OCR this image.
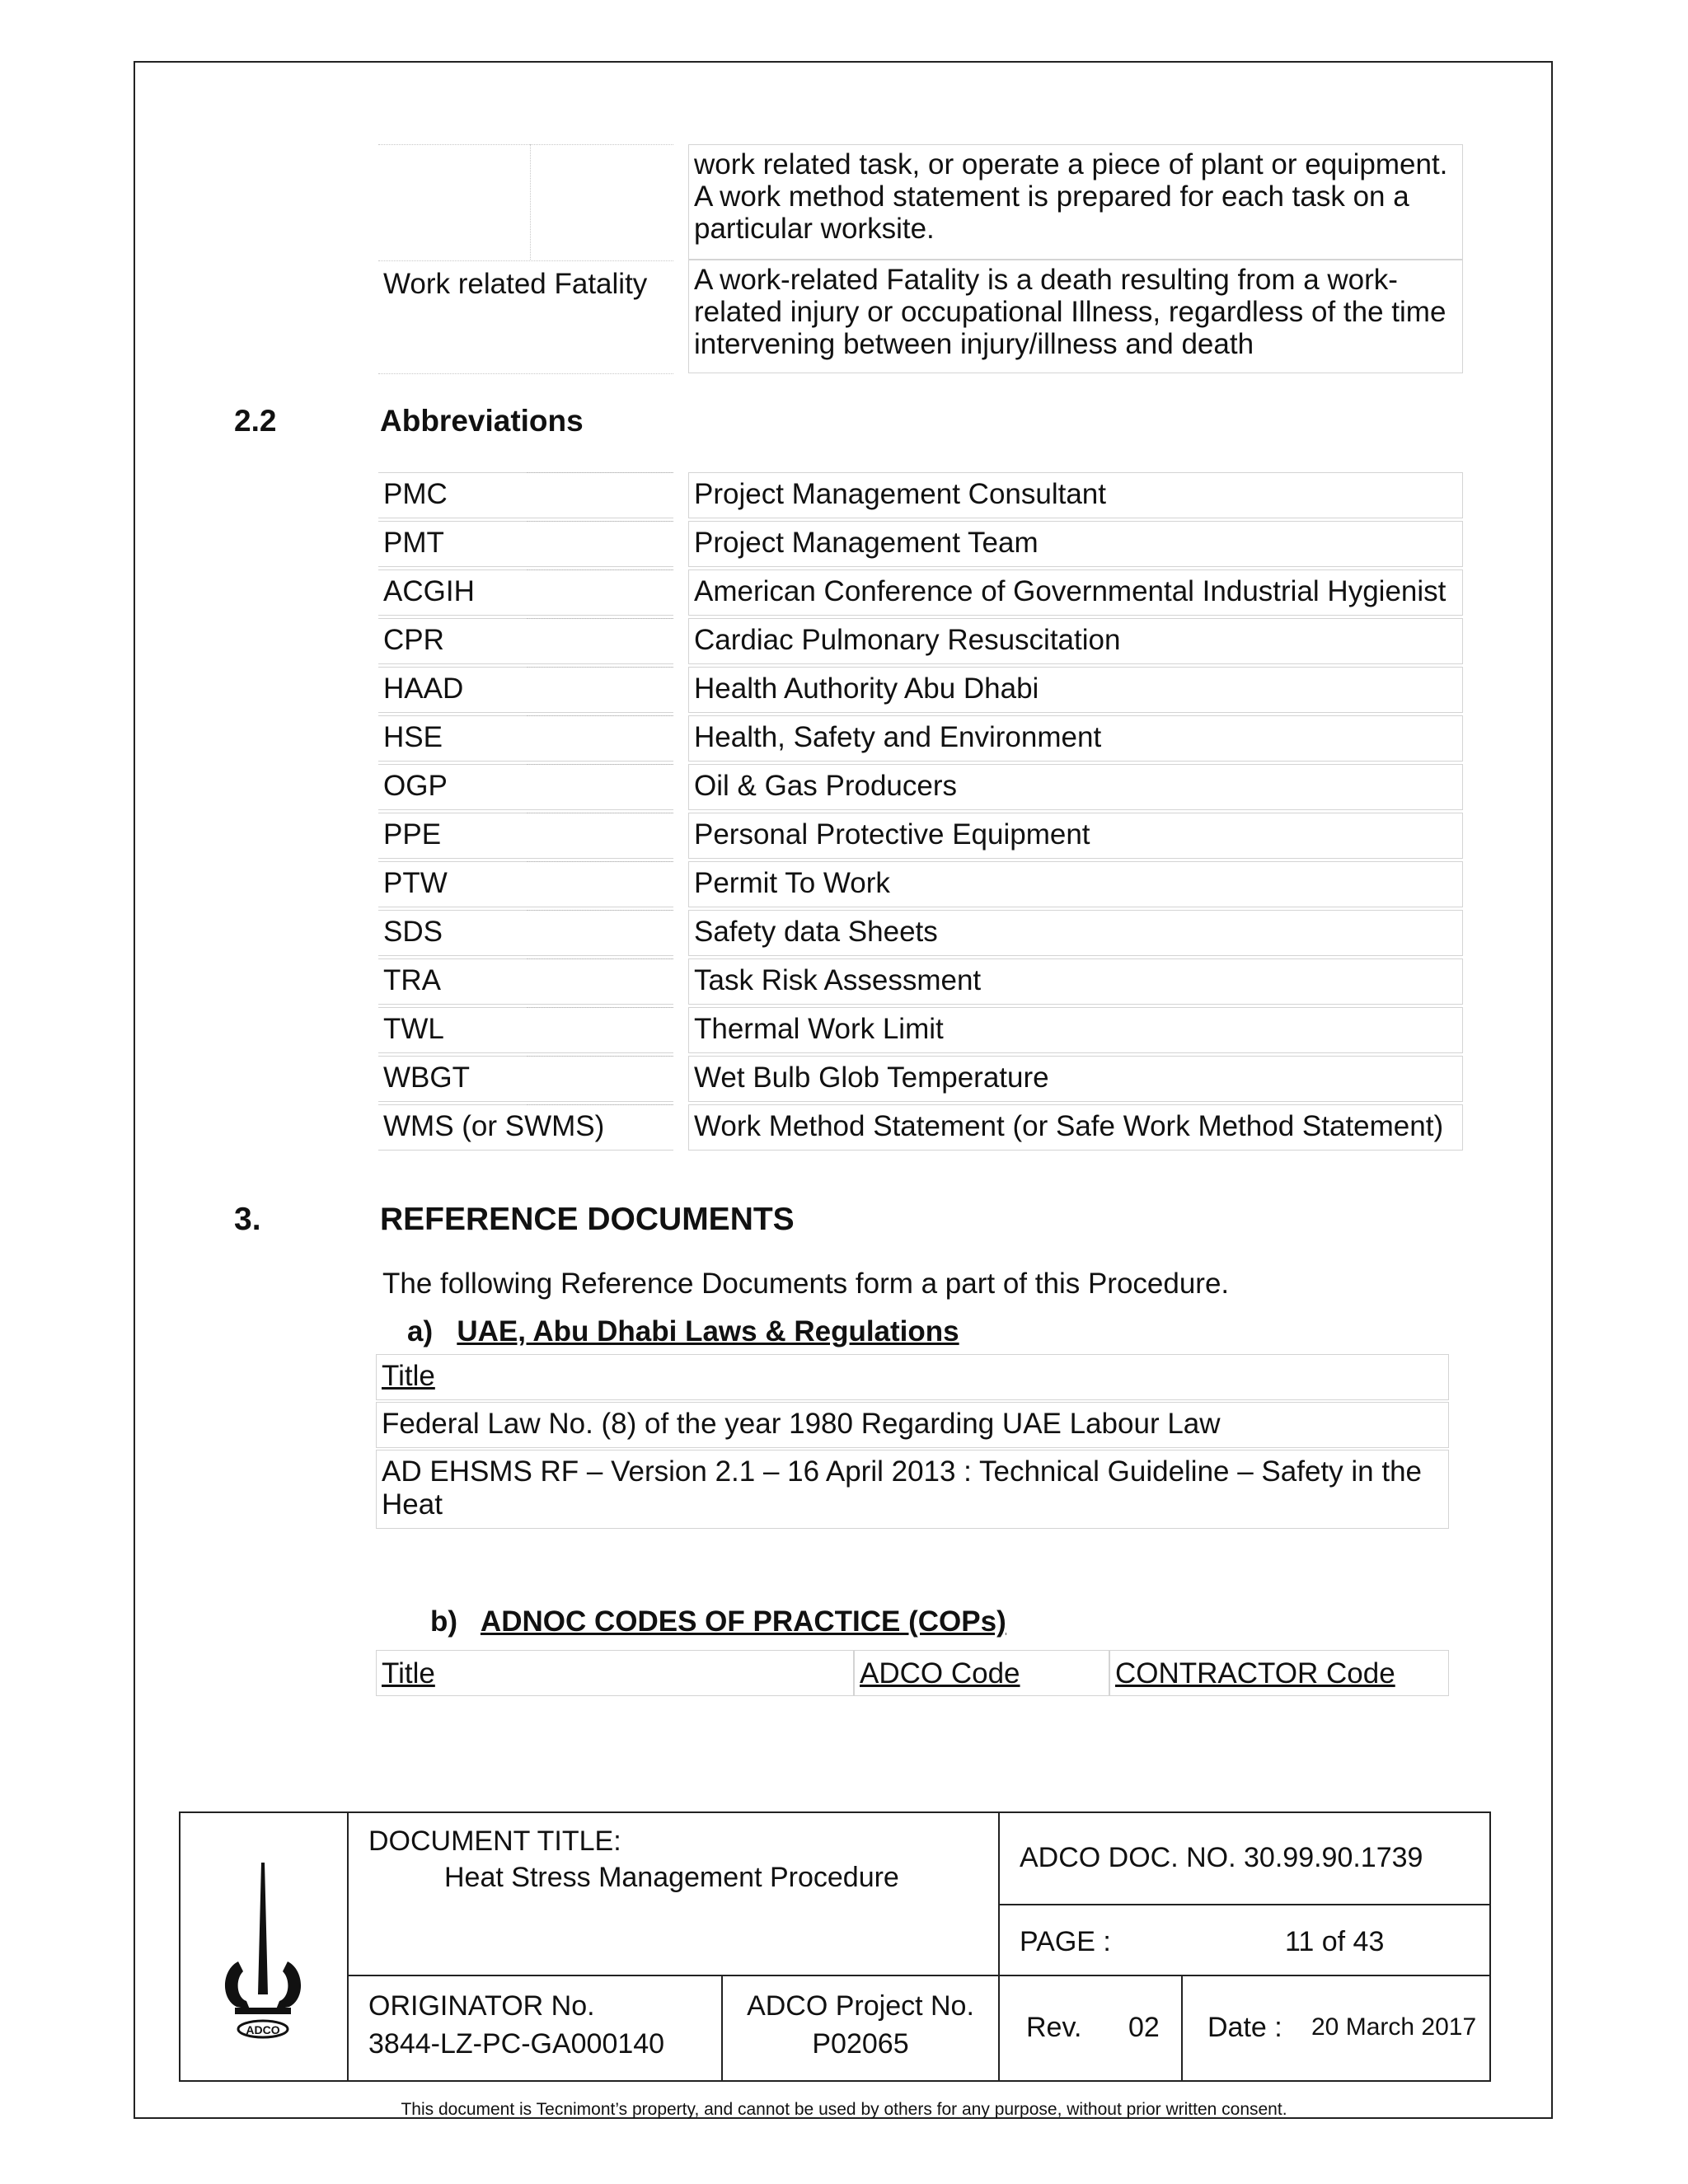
work related task, or operate a piece of plant or equipment. A work method statement is prepared for each task on a particular worksite.
Work related Fatality	A work-related Fatality is a death resulting from a work-related injury or occupational Illness, regardless of the time intervening between injury/illness and death
2.2	Abbreviations
PMC	Project Management Consultant
PMT	Project Management Team
ACGIH	American Conference of Governmental Industrial Hygienist
CPR	Cardiac Pulmonary Resuscitation
HAAD	Health Authority Abu Dhabi
HSE	Health, Safety and Environment
OGP	Oil & Gas Producers
PPE	Personal Protective Equipment
PTW	Permit To Work
SDS	Safety data Sheets
TRA	Task Risk Assessment
TWL	Thermal Work Limit
WBGT	Wet Bulb Glob Temperature
WMS (or SWMS)	Work Method Statement (or Safe Work Method Statement)
3.	REFERENCE DOCUMENTS
The following Reference Documents form a part of this Procedure.
a) UAE, Abu Dhabi Laws & Regulations
Title
Federal Law No. (8) of the year 1980 Regarding UAE Labour Law
AD EHSMS RF – Version 2.1 – 16 April 2013 : Technical Guideline – Safety in the Heat
b) ADNOC CODES OF PRACTICE (COPs)
Title	ADCO Code	CONTRACTOR Code
ADCO
DOCUMENT TITLE:
Heat Stress Management Procedure
ADCO DOC. NO. 30.99.90.1739
PAGE :	11 of 43
ORIGINATOR No.
3844-LZ-PC-GA000140
ADCO Project No.
P02065
Rev. 02 Date : 20 March 2017
This document is Tecnimont’s property, and cannot be used by others for any purpose, without prior written consent.
